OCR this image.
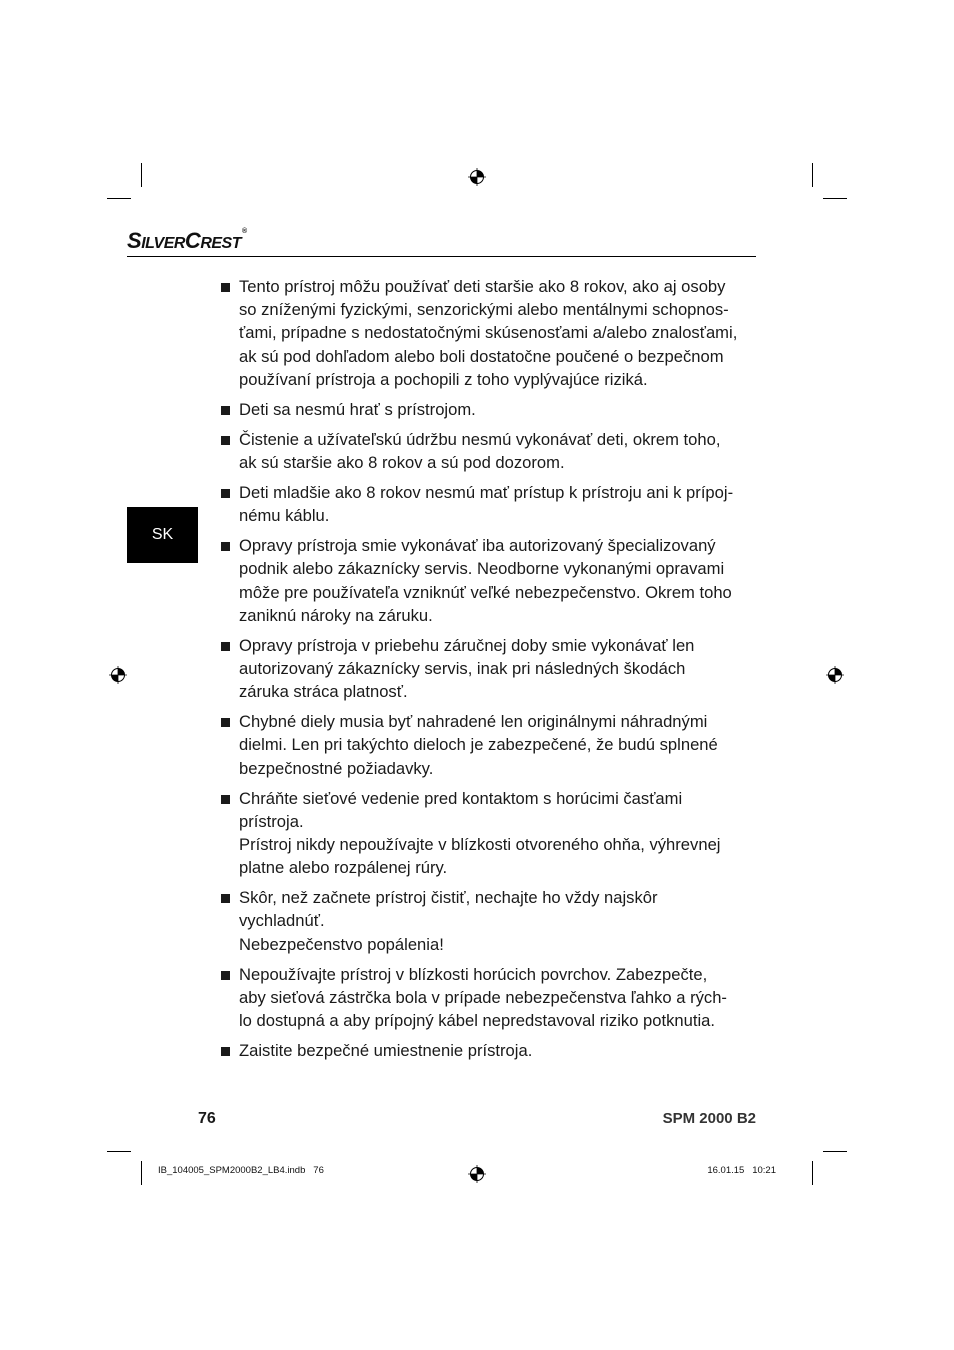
SILVERCREST®
SK
Tento prístroj môžu používať deti staršie ako 8 rokov, ako aj osoby
so zníženými fyzickými, senzorickými alebo mentálnymi schopnos-
ťami, prípadne s nedostatočnými skúsenosťami a/alebo znalosťami,
ak sú pod dohľadom alebo boli dostatočne poučené o bezpečnom
používaní prístroja a pochopili z toho vyplývajúce riziká.
Deti sa nesmú hrať s prístrojom.
Čistenie a užívateľskú údržbu nesmú vykonávať deti, okrem toho,
ak sú staršie ako 8 rokov a sú pod dozorom.
Deti mladšie ako 8 rokov nesmú mať prístup k prístroju ani k prípoj-
nému káblu.
Opravy prístroja smie vykonávať iba autorizovaný špecializovaný
podnik alebo zákaznícky servis. Neodborne vykonanými opravami
môže pre používateľa vzniknúť veľké nebezpečenstvo. Okrem toho
zaniknú nároky na záruku.
Opravy prístroja v priebehu záručnej doby smie vykonávať len
autorizovaný zákaznícky servis, inak pri následných škodách
záruka stráca platnosť.
Chybné diely musia byť nahradené len originálnymi náhradnými
dielmi. Len pri takýchto dieloch je zabezpečené, že budú splnené
bezpečnostné požiadavky.
Chráňte sieťové vedenie pred kontaktom s horúcimi časťami prístroja.
Prístroj nikdy nepoužívajte v blízkosti otvoreného ohňa, výhrevnej
platne alebo rozpálenej rúry.
Skôr, než začnete prístroj čistiť, nechajte ho vždy najskôr vychladnúť.
Nebezpečenstvo popálenia!
Nepoužívajte prístroj v blízkosti horúcich povrchov. Zabezpečte,
aby sieťová zástrčka bola v prípade nebezpečenstva ľahko a rých-
lo dostupná a aby prípojný kábel nepredstavoval riziko potknutia.
Zaistite bezpečné umiestnenie prístroja.
76	SPM 2000 B2
IB_104005_SPM2000B2_LB4.indb   76	16.01.15   10:21
